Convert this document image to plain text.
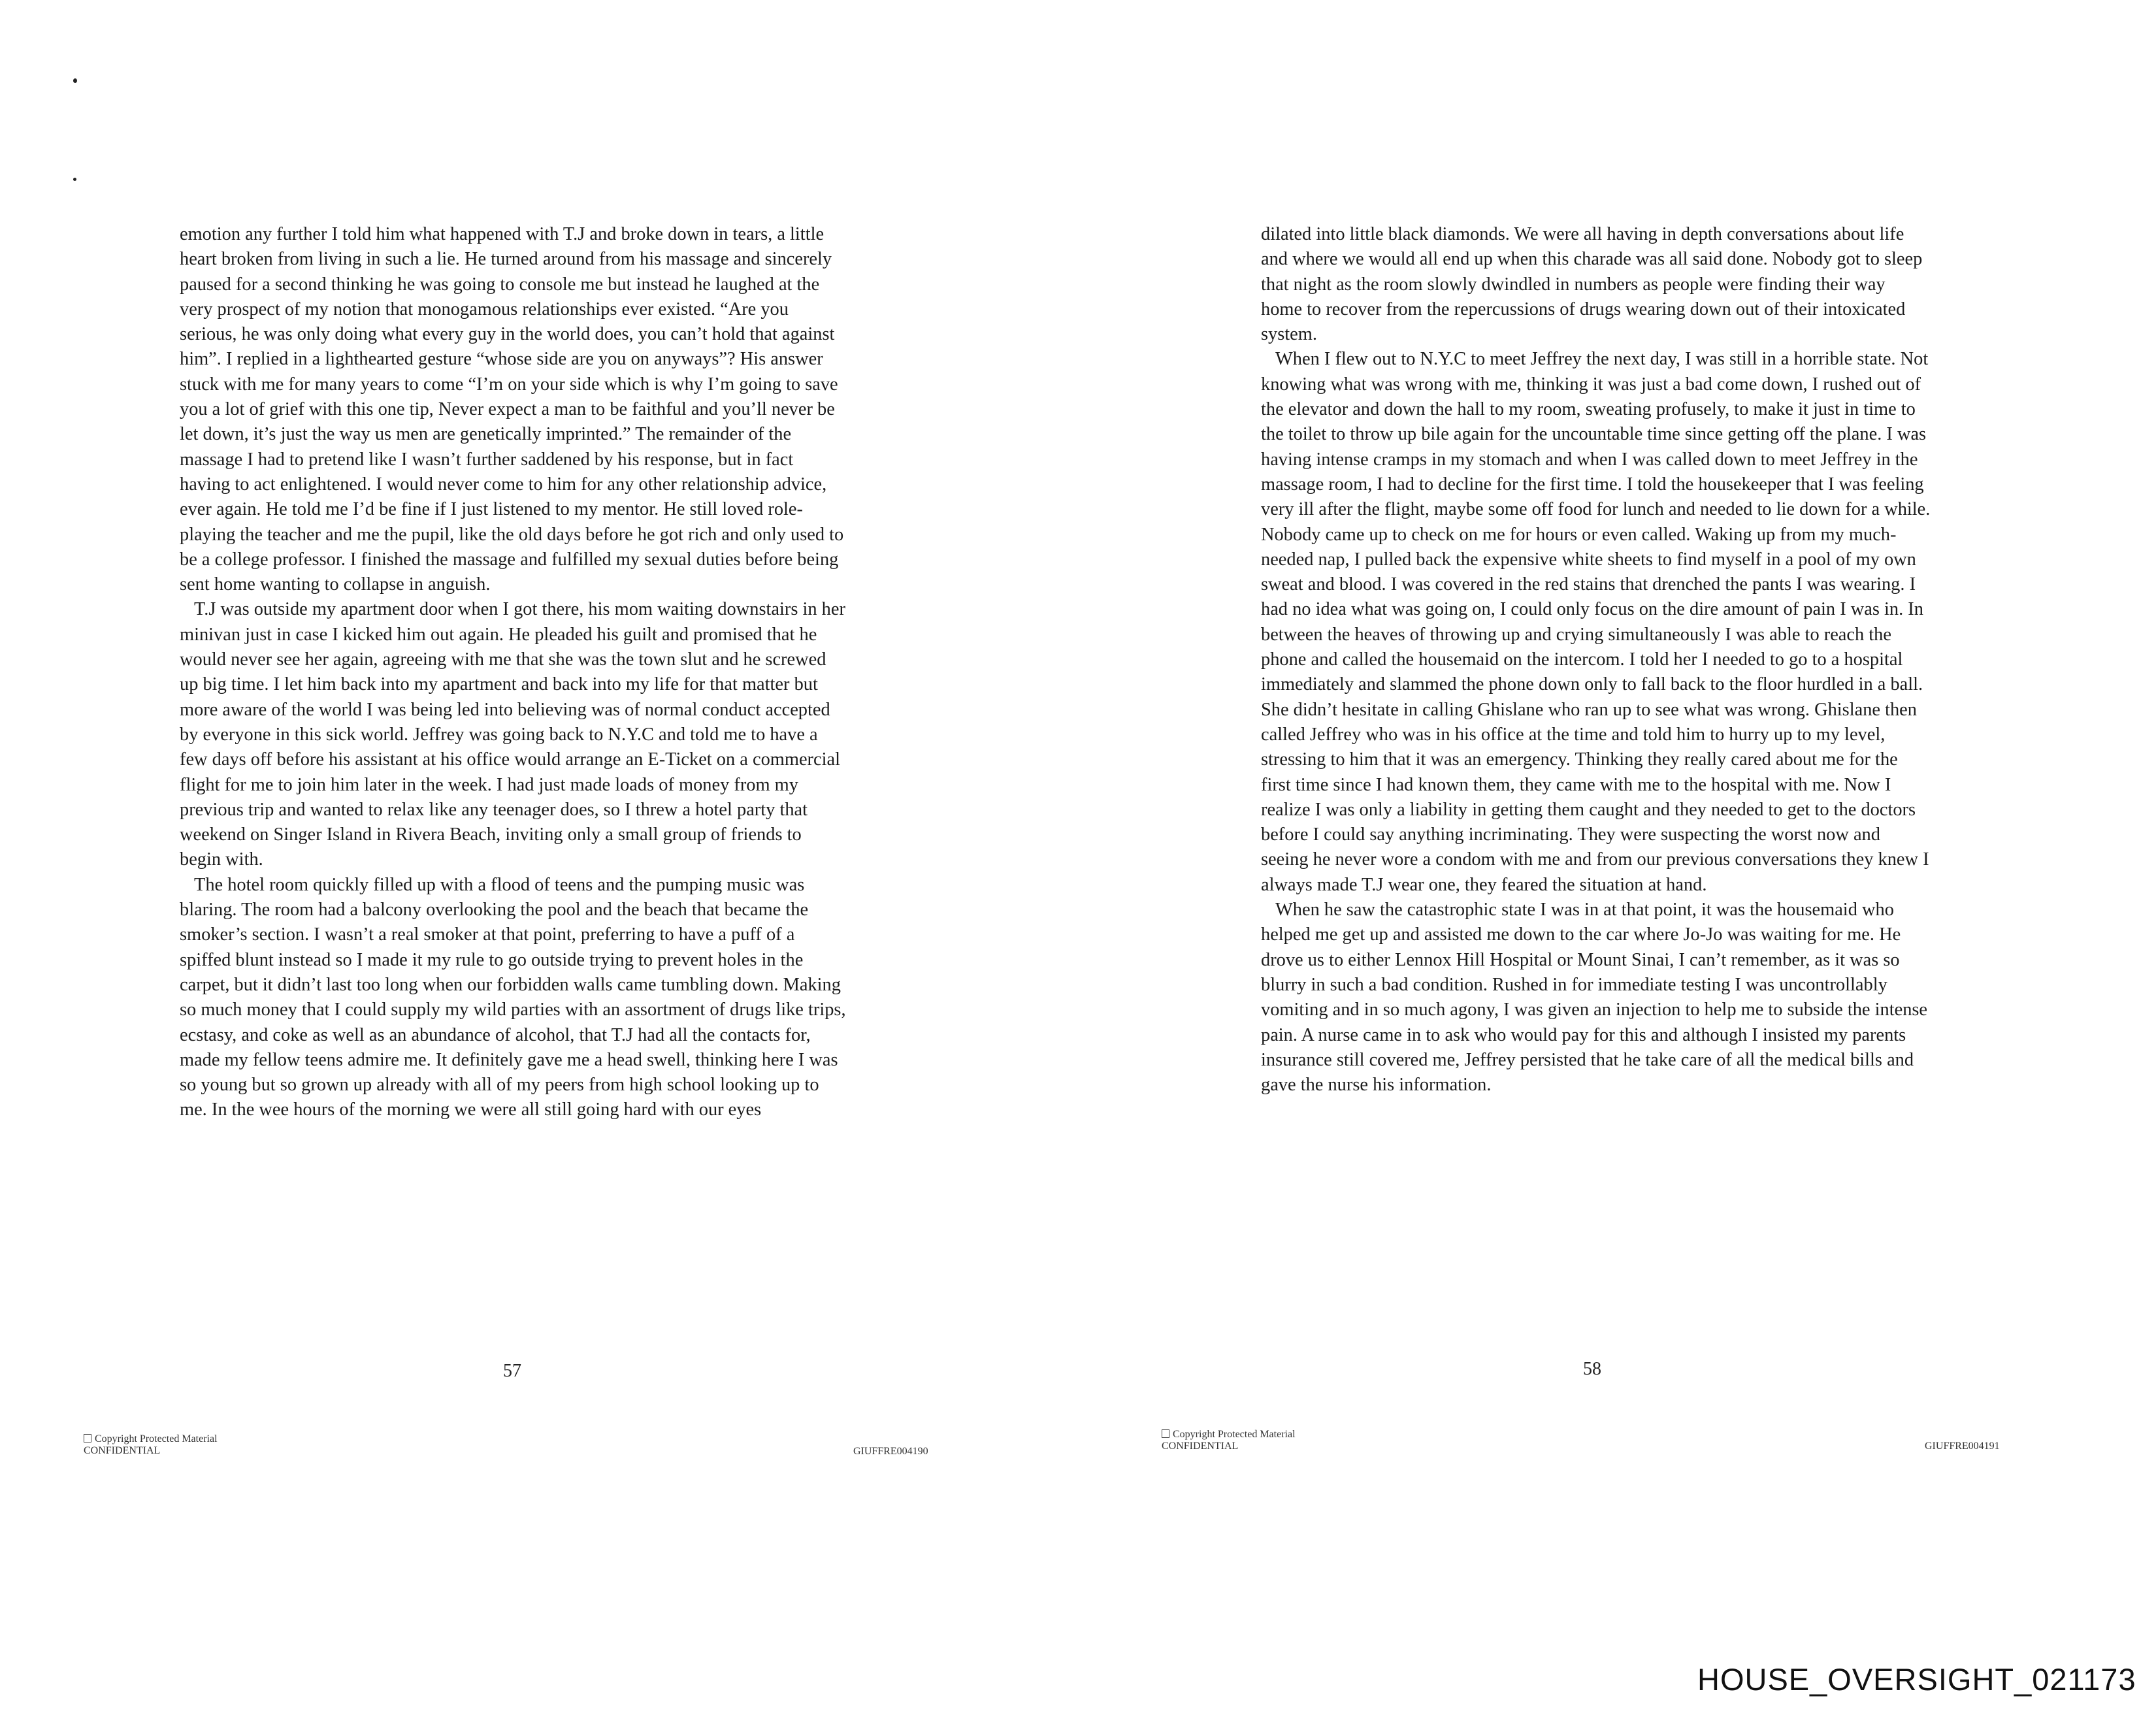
emotion any further I told him what happened with T.J and broke down in tears, a little heart broken from living in such a lie. He turned around from his massage and sincerely paused for a second thinking he was going to console me but instead he laughed at the very prospect of my notion that monogamous relationships ever existed. “Are you serious, he was only doing what every guy in the world does, you can’t hold that against him”. I replied in a lighthearted gesture “whose side are you on anyways”? His answer stuck with me for many years to come “I’m on your side which is why I’m going to save you a lot of grief with this one tip, Never expect a man to be faithful and you’ll never be let down, it’s just the way us men are genetically imprinted.” The remainder of the massage I had to pretend like I wasn’t further saddened by his response, but in fact having to act enlightened. I would never come to him for any other relationship advice, ever again. He told me I’d be fine if I just listened to my mentor. He still loved role-playing the teacher and me the pupil, like the old days before he got rich and only used to be a college professor. I finished the massage and fulfilled my sexual duties before being sent home wanting to collapse in anguish.

T.J was outside my apartment door when I got there, his mom waiting downstairs in her minivan just in case I kicked him out again. He pleaded his guilt and promised that he would never see her again, agreeing with me that she was the town slut and he screwed up big time. I let him back into my apartment and back into my life for that matter but more aware of the world I was being led into believing was of normal conduct accepted by everyone in this sick world. Jeffrey was going back to N.Y.C and told me to have a few days off before his assistant at his office would arrange an E-Ticket on a commercial flight for me to join him later in the week. I had just made loads of money from my previous trip and wanted to relax like any teenager does, so I threw a hotel party that weekend on Singer Island in Rivera Beach, inviting only a small group of friends to begin with.

The hotel room quickly filled up with a flood of teens and the pumping music was blaring. The room had a balcony overlooking the pool and the beach that became the smoker’s section. I wasn’t a real smoker at that point, preferring to have a puff of a spiffed blunt instead so I made it my rule to go outside trying to prevent holes in the carpet, but it didn’t last too long when our forbidden walls came tumbling down. Making so much money that I could supply my wild parties with an assortment of drugs like trips, ecstasy, and coke as well as an abundance of alcohol, that T.J had all the contacts for, made my fellow teens admire me. It definitely gave me a head swell, thinking here I was so young but so grown up already with all of my peers from high school looking up to me. In the wee hours of the morning we were all still going hard with our eyes

57
Copyright Protected Material
CONFIDENTIAL	GIUFFRE004190

dilated into little black diamonds. We were all having in depth conversations about life and where we would all end up when this charade was all said done. Nobody got to sleep that night as the room slowly dwindled in numbers as people were finding their way home to recover from the repercussions of drugs wearing down out of their intoxicated system.

When I flew out to N.Y.C to meet Jeffrey the next day, I was still in a horrible state. Not knowing what was wrong with me, thinking it was just a bad come down, I rushed out of the elevator and down the hall to my room, sweating profusely, to make it just in time to the toilet to throw up bile again for the uncountable time since getting off the plane. I was having intense cramps in my stomach and when I was called down to meet Jeffrey in the massage room, I had to decline for the first time. I told the housekeeper that I was feeling very ill after the flight, maybe some off food for lunch and needed to lie down for a while. Nobody came up to check on me for hours or even called. Waking up from my much-needed nap, I pulled back the expensive white sheets to find myself in a pool of my own sweat and blood. I was covered in the red stains that drenched the pants I was wearing. I had no idea what was going on, I could only focus on the dire amount of pain I was in. In between the heaves of throwing up and crying simultaneously I was able to reach the phone and called the housemaid on the intercom. I told her I needed to go to a hospital immediately and slammed the phone down only to fall back to the floor hurdled in a ball. She didn’t hesitate in calling Ghislane who ran up to see what was wrong. Ghislane then called Jeffrey who was in his office at the time and told him to hurry up to my level, stressing to him that it was an emergency. Thinking they really cared about me for the first time since I had known them, they came with me to the hospital with me. Now I realize I was only a liability in getting them caught and they needed to get to the doctors before I could say anything incriminating. They were suspecting the worst now and seeing he never wore a condom with me and from our previous conversations they knew I always made T.J wear one, they feared the situation at hand.

When he saw the catastrophic state I was in at that point, it was the housemaid who helped me get up and assisted me down to the car where Jo-Jo was waiting for me. He drove us to either Lennox Hill Hospital or Mount Sinai, I can’t remember, as it was so blurry in such a bad condition. Rushed in for immediate testing I was uncontrollably vomiting and in so much agony, I was given an injection to help me to subside the intense pain. A nurse came in to ask who would pay for this and although I insisted my parents insurance still covered me, Jeffrey persisted that he take care of all the medical bills and gave the nurse his information.

58
Copyright Protected Material
CONFIDENTIAL	GIUFFRE004191
HOUSE_OVERSIGHT_021173
